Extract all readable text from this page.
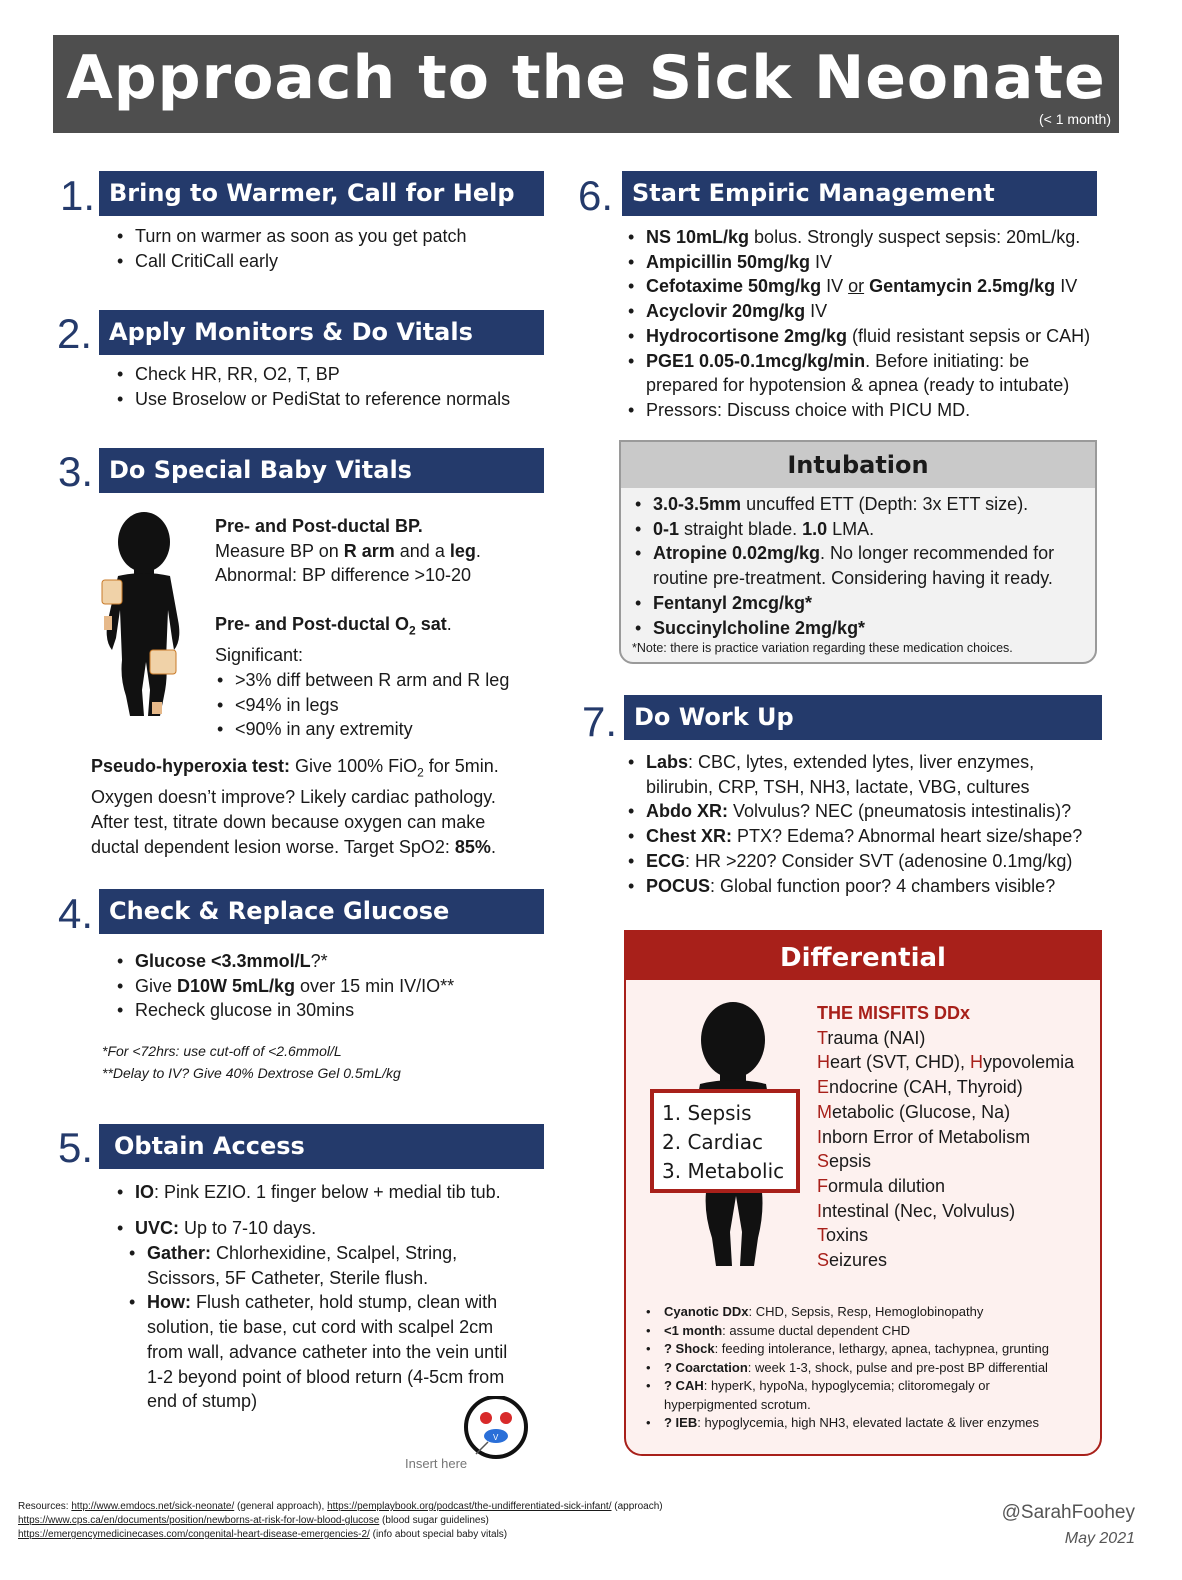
Approach to the Sick Neonate
(< 1 month)
1. Bring to Warmer, Call for Help
• Turn on warmer as soon as you get patch
• Call CritiCall early
2. Apply Monitors & Do Vitals
• Check HR, RR, O2, T, BP
• Use Broselow or PediStat to reference normals
3. Do Special Baby Vitals
Pre- and Post-ductal BP.
Measure BP on R arm and a leg.
Abnormal: BP difference >10-20
Pre- and Post-ductal $O_2$ sat.
Significant:
• >3% diff between R arm and R leg
• <94% in legs
• <90% in any extremity
Pseudo-hyperoxia test: Give 100% FiO$_2$ for 5min.
Oxygen doesn’t improve? Likely cardiac pathology.
After test, titrate down because oxygen can make
ductal dependent lesion worse. Target SpO2: 85%.
4. Check & Replace Glucose
• Glucose <3.3mmol/L?*
• Give D10W 5mL/kg over 15 min IV/IO**
• Recheck glucose in 30mins
*For <72hrs: use cut-off of <2.6mmol/L
**Delay to IV? Give 40% Dextrose Gel 0.5mL/kg
5. Obtain Access
• IO: Pink EZIO. 1 finger below + medial tib tub.
• UVC: Up to 7-10 days.
• Gather: Chlorhexidine, Scalpel, String,
Scissors, 5F Catheter, Sterile flush.
• How: Flush catheter, hold stump, clean with
solution, tie base, cut cord with scalpel 2cm
from wall, advance catheter into the vein until
1-2 beyond point of blood return (4-5cm from
end of stump)
V
Insert here
6. Start Empiric Management
• NS 10mL/kg bolus. Strongly suspect sepsis: 20mL/kg.
• Ampicillin 50mg/kg IV
• Cefotaxime 50mg/kg IV or Gentamycin 2.5mg/kg IV
• Acyclovir 20mg/kg IV
• Hydrocortisone 2mg/kg (fluid resistant sepsis or CAH)
• PGE1 0.05-0.1mcg/kg/min. Before initiating: be
prepared for hypotension & apnea (ready to intubate)
• Pressors: Discuss choice with PICU MD.
Intubation
• 3.0-3.5mm uncuffed ETT (Depth: 3x ETT size).
• 0-1 straight blade. 1.0 LMA.
• Atropine 0.02mg/kg. No longer recommended for
routine pre-treatment. Considering having it ready.
• Fentanyl 2mcg/kg*
• Succinylcholine 2mg/kg*
*Note: there is practice variation regarding these medication choices.
7. Do Work Up
• Labs: CBC, lytes, extended lytes, liver enzymes,
bilirubin, CRP, TSH, NH3, lactate, VBG, cultures
• Abdo XR: Volvulus? NEC (pneumatosis intestinalis)?
• Chest XR: PTX? Edema? Abnormal heart size/shape?
• ECG: HR >220? Consider SVT (adenosine 0.1mg/kg)
• POCUS: Global function poor? 4 chambers visible?
Differential
1. Sepsis
2. Cardiac
3. Metabolic
THE MISFITS DDx
Trauma (NAI)
Heart (SVT, CHD), Hypovolemia
Endocrine (CAH, Thyroid)
Metabolic (Glucose, Na)
Inborn Error of Metabolism
Sepsis
Formula dilution
Intestinal (Nec, Volvulus)
Toxins
Seizures
• Cyanotic DDx: CHD, Sepsis, Resp, Hemoglobinopathy
• <1 month: assume ductal dependent CHD
• ? Shock: feeding intolerance, lethargy, apnea, tachypnea, grunting
• ? Coarctation: week 1-3, shock, pulse and pre-post BP differential
• ? CAH: hyperK, hypoNa, hypoglycemia; clitoromegaly or
hyperpigmented scrotum.
• ? IEB: hypoglycemia, high NH3, elevated lactate & liver enzymes
Resources: http://www.emdocs.net/sick-neonate/ (general approach), https://pemplaybook.org/podcast/the-undifferentiated-sick-infant/ (approach)
https://www.cps.ca/en/documents/position/newborns-at-risk-for-low-blood-glucose (blood sugar guidelines)
https://emergencymedicinecases.com/congenital-heart-disease-emergencies-2/ (info about special baby vitals)
@SarahFoohey
May 2021
